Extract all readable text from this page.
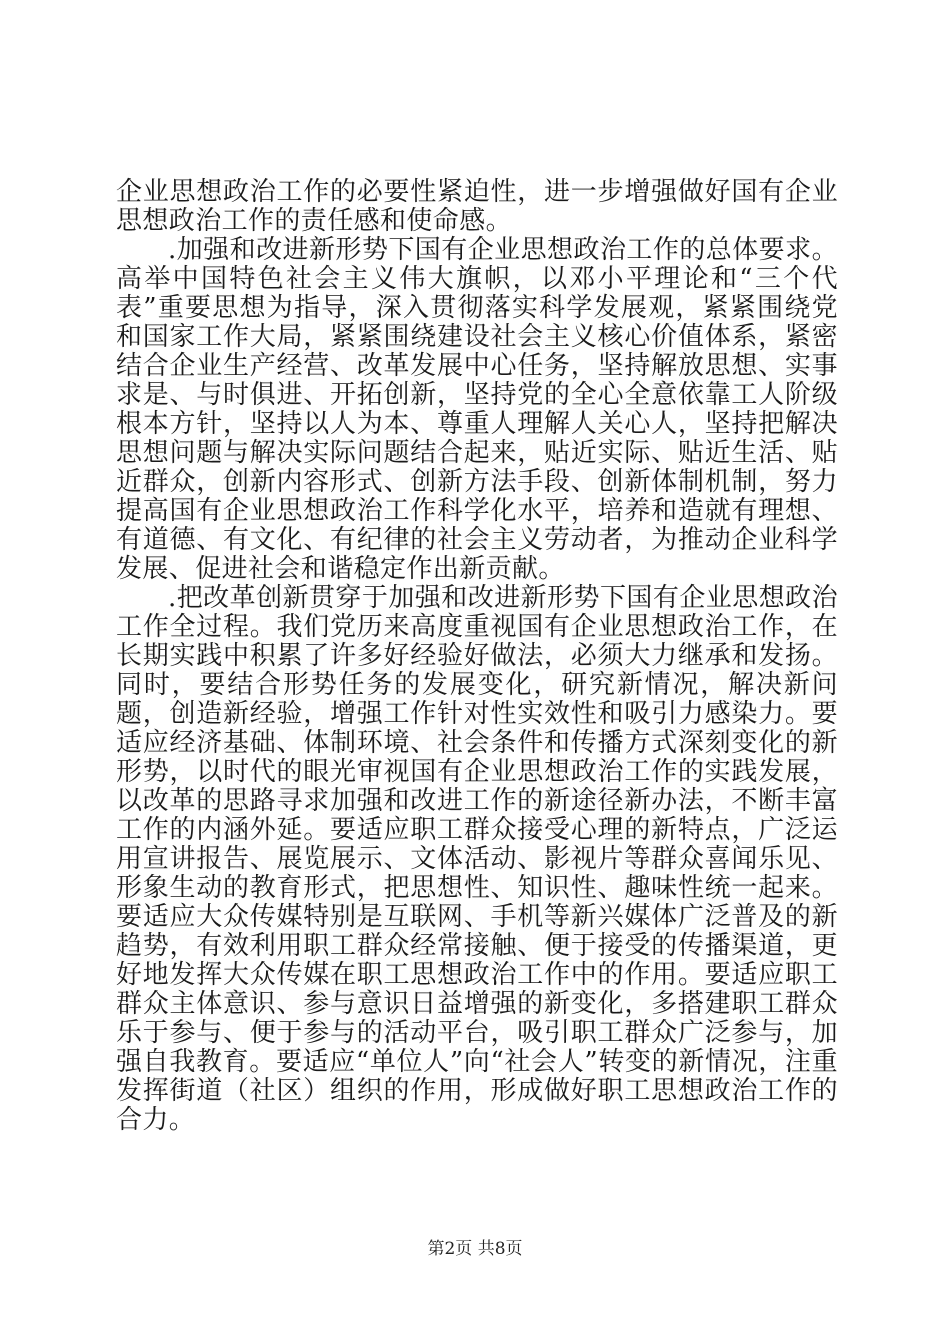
企业思想政治工作的必要性紧迫性，进一步增强做好国有企业思想政治工作的责任感和使命感。

.加强和改进新形势下国有企业思想政治工作的总体要求。高举中国特色社会主义伟大旗帜，以邓小平理论和“三个代表”重要思想为指导，深入贯彻落实科学发展观，紧紧围绕党和国家工作大局，紧紧围绕建设社会主义核心价值体系，紧密结合企业生产经营、改革发展中心任务，坚持解放思想、实事求是、与时俱进、开拓创新，坚持党的全心全意依靠工人阶级根本方针，坚持以人为本、尊重人理解人关心人，坚持把解决思想问题与解决实际问题结合起来，贴近实际、贴近生活、贴近群众，创新内容形式、创新方法手段、创新体制机制，努力提高国有企业思想政治工作科学化水平，培养和造就有理想、有道德、有文化、有纪律的社会主义劳动者，为推动企业科学发展、促进社会和谐稳定作出新贡献。

.把改革创新贯穿于加强和改进新形势下国有企业思想政治工作全过程。我们党历来高度重视国有企业思想政治工作，在长期实践中积累了许多好经验好做法，必须大力继承和发扬。同时，要结合形势任务的发展变化，研究新情况，解决新问题，创造新经验，增强工作针对性实效性和吸引力感染力。要适应经济基础、体制环境、社会条件和传播方式深刻变化的新形势，以时代的眼光审视国有企业思想政治工作的实践发展，以改革的思路寻求加强和改进工作的新途径新办法，不断丰富工作的内涵外延。要适应职工群众接受心理的新特点，广泛运用宣讲报告、展览展示、文体活动、影视片等群众喜闻乐见、形象生动的教育形式，把思想性、知识性、趣味性统一起来。要适应大众传媒特别是互联网、手机等新兴媒体广泛普及的新趋势，有效利用职工群众经常接触、便于接受的传播渠道，更好地发挥大众传媒在职工思想政治工作中的作用。要适应职工群众主体意识、参与意识日益增强的新变化，多搭建职工群众乐于参与、便于参与的活动平台，吸引职工群众广泛参与，加强自我教育。要适应“单位人”向“社会人”转变的新情况，注重发挥街道（社区）组织的作用，形成做好职工思想政治工作的合力。

第2页 共8页
